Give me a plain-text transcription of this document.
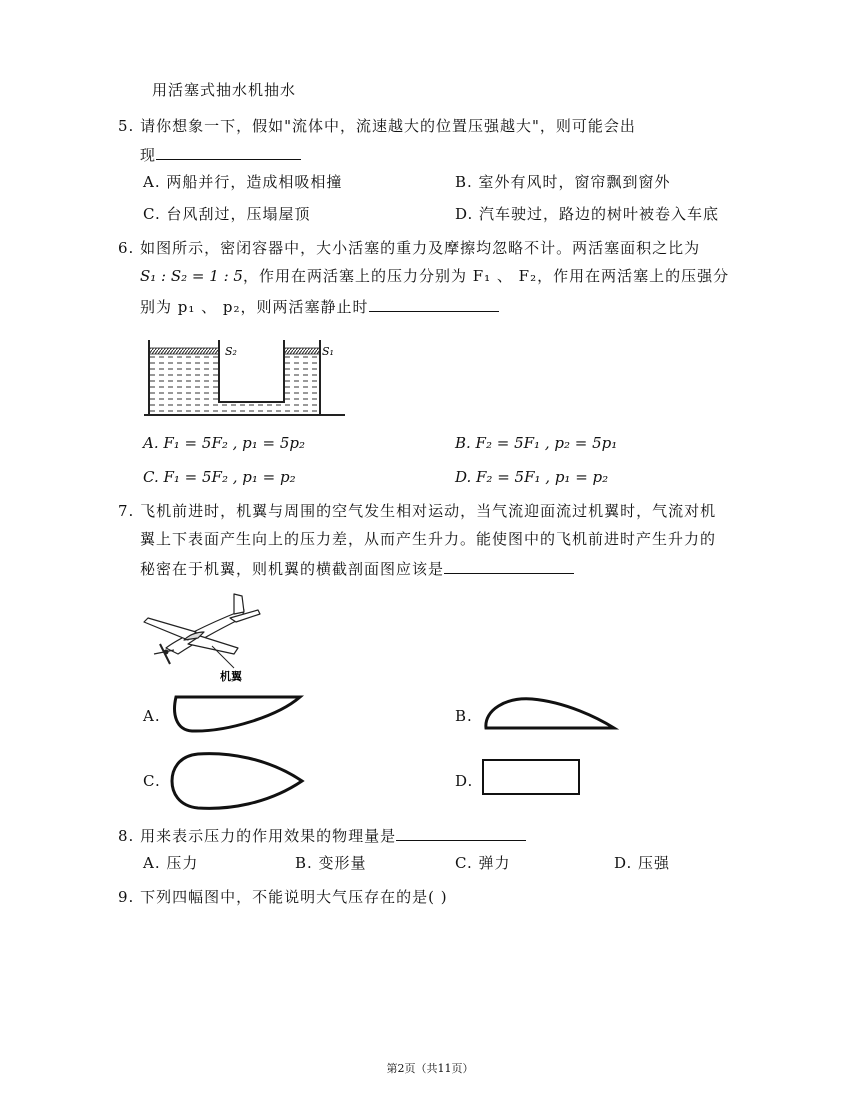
用活塞式抽水机抽水
5. 请你想象一下，假如"流体中，流速越大的位置压强越大"，则可能会出
现
A. 两船并行，造成相吸相撞	B. 室外有风时，窗帘飘到窗外
C. 台风刮过，压塌屋顶	D. 汽车驶过，路边的树叶被卷入车底
6. 如图所示，密闭容器中，大小活塞的重力及摩擦均忽略不计。两活塞面积之比为
S₁ : S₂ = 1 : 5，作用在两活塞上的压力分别为 F₁ 、 F₂，作用在两活塞上的压强分
别为 p₁ 、 p₂，则两活塞静止时
S₂	S₁
A. F₁ = 5F₂ , p₁ = 5p₂	B. F₂ = 5F₁ , p₂ = 5p₁
C. F₁ = 5F₂ , p₁ = p₂	D. F₂ = 5F₁ , p₁ = p₂
7. 飞机前进时，机翼与周围的空气发生相对运动，当气流迎面流过机翼时，气流对机
翼上下表面产生向上的压力差，从而产生升力。能使图中的飞机前进时产生升力的
秘密在于机翼，则机翼的横截剖面图应该是
机翼
A.	B.
C.	D.
8. 用来表示压力的作用效果的物理量是
A. 压力	B. 变形量	C. 弹力	D. 压强
9. 下列四幅图中，不能说明大气压存在的是( )
第2页（共11页）
